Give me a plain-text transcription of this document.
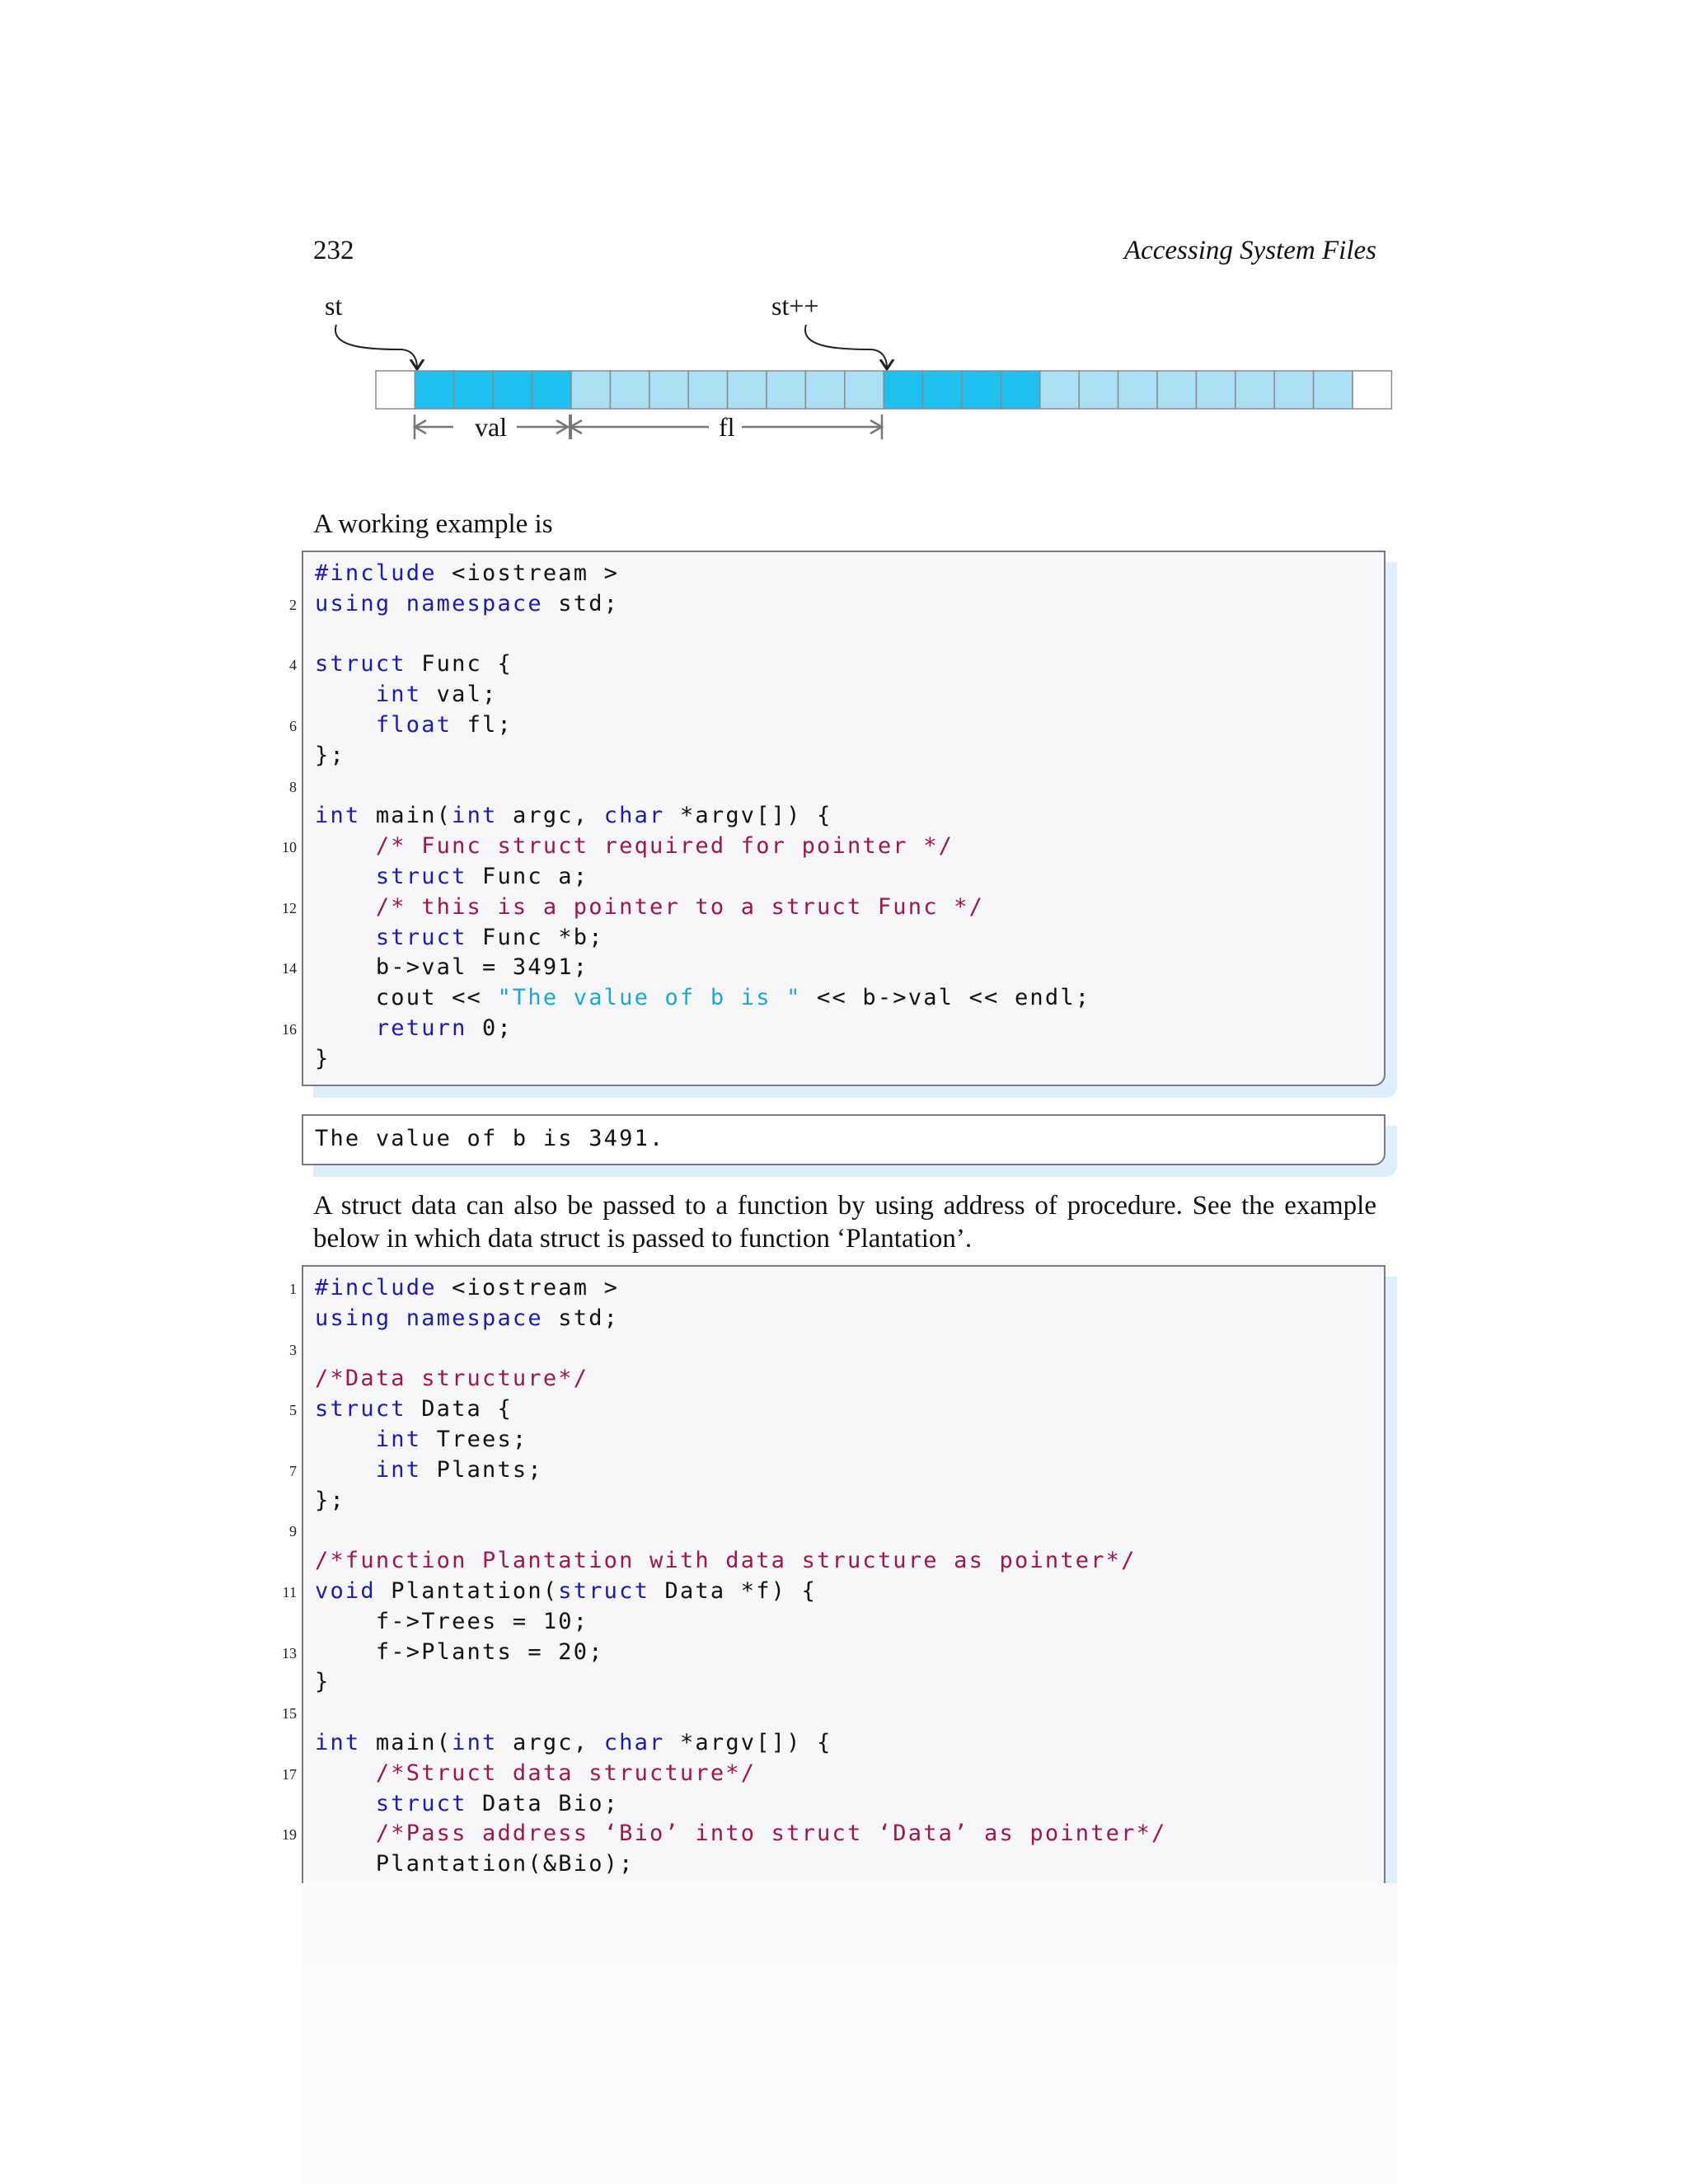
232	Accessing System Files
st	st++
val	fl
A working example is
#include <iostream >
using namespace std;
struct Func {
int val;
float fl;
};
int main(int argc, char *argv[]) {
/* Func struct required for pointer */
struct Func a;
/* this is a pointer to a struct Func */
struct Func *b;
b->val = 3491;
cout << "The value of b is " << b->val << endl;
return 0;
}
2
4
6
8
10
12
14
16
The value of b is 3491.
A struct data can also be passed to a function by using address of procedure. See the example below in which data struct is passed to function ‘Plantation’.
#include <iostream >
using namespace std;
/*Data structure*/
struct Data {
int Trees;
int Plants;
};
/*function Plantation with data structure as pointer*/
void Plantation(struct Data *f) {
f->Trees = 10;
f->Plants = 20;
}
int main(int argc, char *argv[]) {
/*Struct data structure*/
struct Data Bio;
/*Pass address ‘Bio’ into struct ‘Data’ as pointer*/
Plantation(&Bio);
1
3
5
7
9
11
13
15
17
19
